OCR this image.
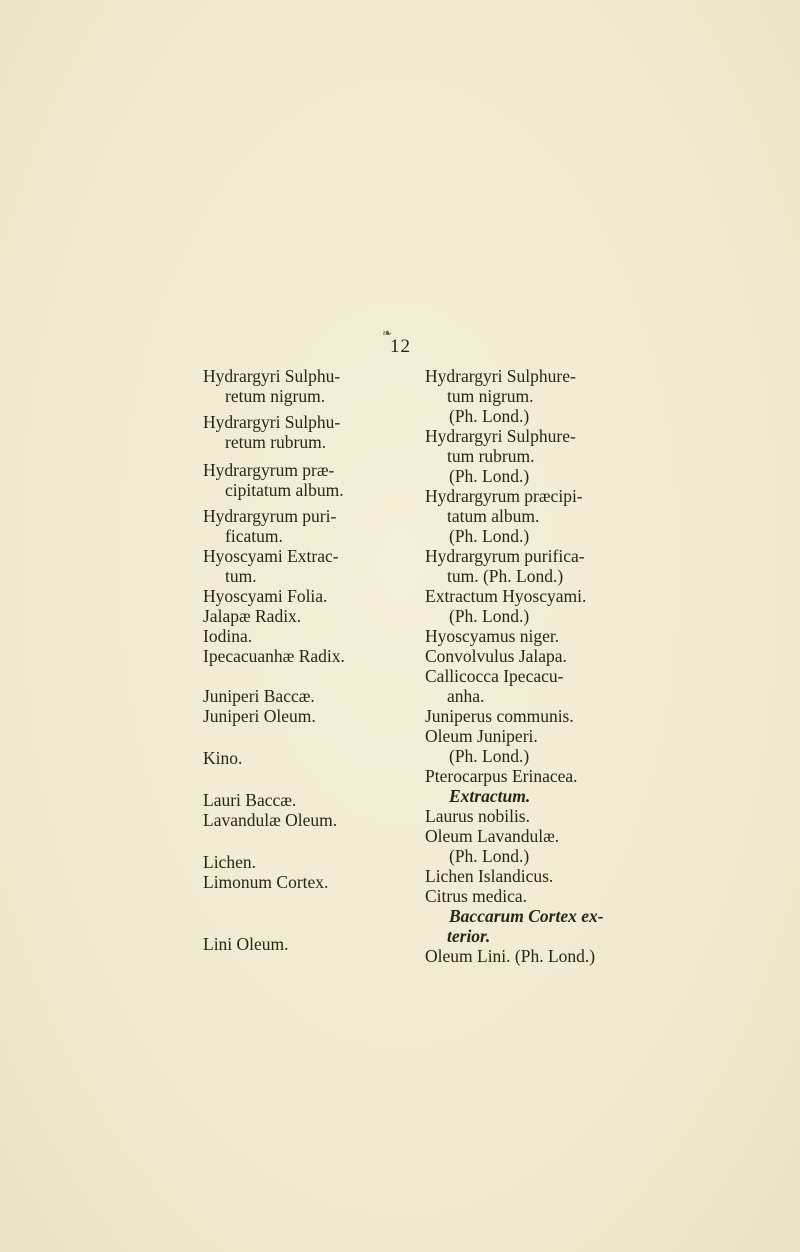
❧
12
Hydrargyri Sulphu-
retum nigrum.
Hydrargyri Sulphu-
retum rubrum.
Hydrargyrum præ-
cipitatum album.
Hydrargyrum puri-
ficatum.
Hyoscyami Extrac-
tum.
Hyoscyami Folia.
Jalapæ Radix.
Iodina.
Ipecacuanhæ Radix.
Juniperi Baccæ.
Juniperi Oleum.
Kino.
Lauri Baccæ.
Lavandulæ Oleum.
Lichen.
Limonum Cortex.
Lini Oleum.
Hydrargyri Sulphure-
tum nigrum.
(Ph. Lond.)
Hydrargyri Sulphure-
tum rubrum.
(Ph. Lond.)
Hydrargyrum præcipi-
tatum album.
(Ph. Lond.)
Hydrargyrum purifica-
tum. (Ph. Lond.)
Extractum Hyoscyami.
(Ph. Lond.)
Hyoscyamus niger.
Convolvulus Jalapa.
Callicocca Ipecacu-
anha.
Juniperus communis.
Oleum Juniperi.
(Ph. Lond.)
Pterocarpus Erinacea.
Extractum.
Laurus nobilis.
Oleum Lavandulæ.
(Ph. Lond.)
Lichen Islandicus.
Citrus medica.
Baccarum Cortex ex-
terior.
Oleum Lini. (Ph. Lond.)
